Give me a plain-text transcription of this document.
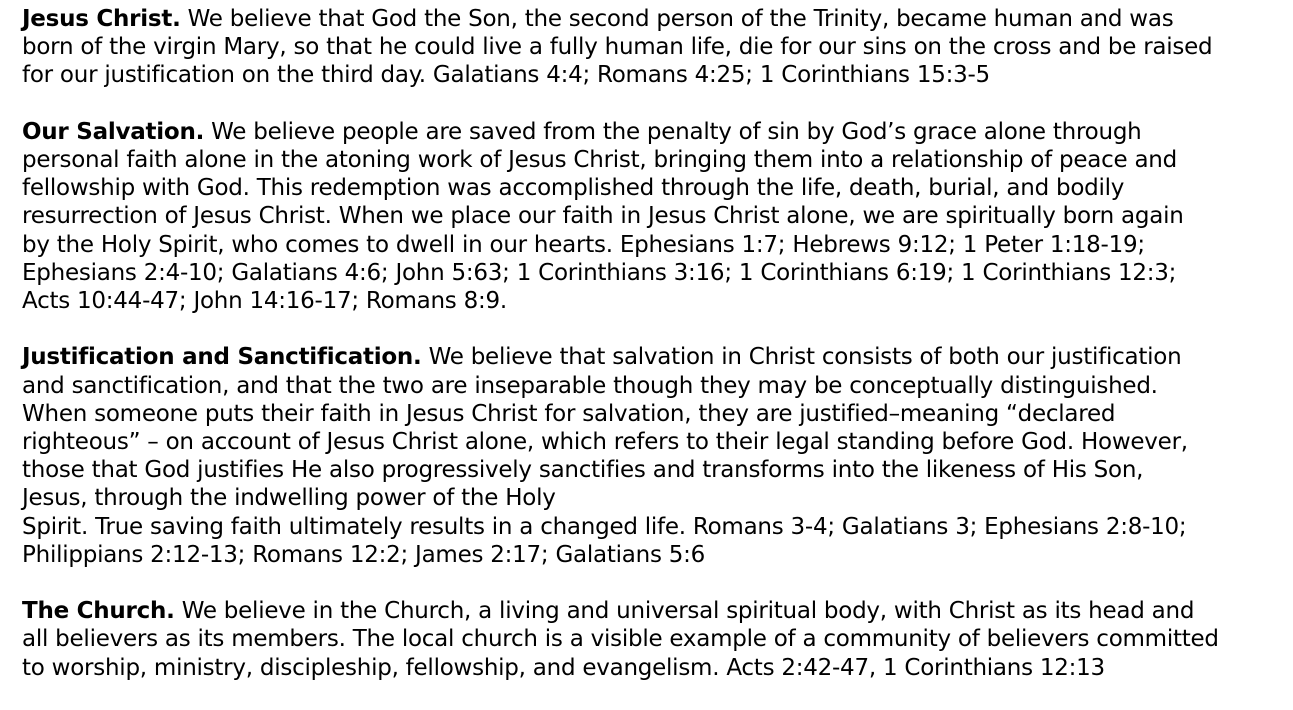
Jesus Christ. We believe that God the Son, the second person of the Trinity, became human and was
born of the virgin Mary, so that he could live a fully human life, die for our sins on the cross and be raised
for our justification on the third day. Galatians 4:4; Romans 4:25; 1 Corinthians 15:3-5
Our Salvation. We believe people are saved from the penalty of sin by God’s grace alone through
personal faith alone in the atoning work of Jesus Christ, bringing them into a relationship of peace and
fellowship with God. This redemption was accomplished through the life, death, burial, and bodily
resurrection of Jesus Christ. When we place our faith in Jesus Christ alone, we are spiritually born again
by the Holy Spirit, who comes to dwell in our hearts. Ephesians 1:7; Hebrews 9:12; 1 Peter 1:18-19;
Ephesians 2:4-10; Galatians 4:6; John 5:63; 1 Corinthians 3:16; 1 Corinthians 6:19; 1 Corinthians 12:3;
Acts 10:44-47; John 14:16-17; Romans 8:9.
Justification and Sanctification. We believe that salvation in Christ consists of both our justification
and sanctification, and that the two are inseparable though they may be conceptually distinguished.
When someone puts their faith in Jesus Christ for salvation, they are justified–meaning “declared
righteous” – on account of Jesus Christ alone, which refers to their legal standing before God. However,
those that God justifies He also progressively sanctifies and transforms into the likeness of His Son,
Jesus, through the indwelling power of the Holy
Spirit. True saving faith ultimately results in a changed life. Romans 3-4; Galatians 3; Ephesians 2:8-10;
Philippians 2:12-13; Romans 12:2; James 2:17; Galatians 5:6
The Church. We believe in the Church, a living and universal spiritual body, with Christ as its head and
all believers as its members. The local church is a visible example of a community of believers committed
to worship, ministry, discipleship, fellowship, and evangelism. Acts 2:42-47, 1 Corinthians 12:13
